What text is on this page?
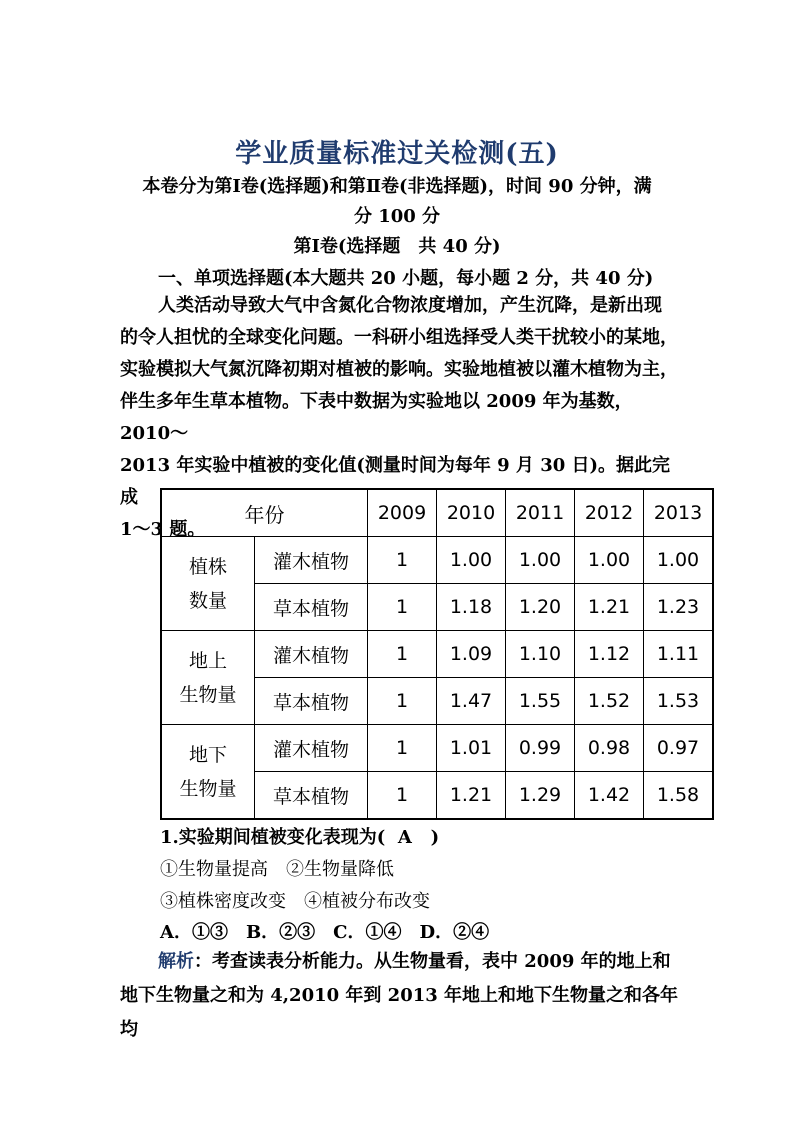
学业质量标准过关检测(五)
本卷分为第Ⅰ卷(选择题)和第Ⅱ卷(非选择题)，时间 90 分钟，满
分 100 分
第Ⅰ卷(选择题　共 40 分)
一、单项选择题(本大题共 20 小题，每小题 2 分，共 40 分)

人类活动导致大气中含氮化合物浓度增加，产生沉降，是新出现

的令人担忧的全球变化问题。一科研小组选择受人类干扰较小的某地，

实验模拟大气氮沉降初期对植被的影响。实验地植被以灌木植物为主，

伴生多年生草本植物。下表中数据为实验地以 2009 年为基数，2010～

2013 年实验中植被的变化值(测量时间为每年 9 月 30 日)。据此完成

1～3 题。

年份		2009	2010	2011	2012	2013
植株
数量	灌木植物	1	1.00	1.00	1.00	1.00
	草本植物	1	1.18	1.20	1.21	1.23
地上
生物量	灌木植物	1	1.09	1.10	1.12	1.11
	草本植物	1	1.47	1.55	1.52	1.53
地下
生物量	灌木植物	1	1.01	0.99	0.98	0.97
	草本植物	1	1.21	1.29	1.42	1.58
1.实验期间植被变化表现为( A )
①生物量提高　②生物量降低
③植株密度改变　④植被分布改变
A．①③　B．②③　C．①④　D．②④
解析：考查读表分析能力。从生物量看，表中 2009 年的地上和地下生物量之和为 4,2010 年到 2013 年地上和地下生物量之和各年均
